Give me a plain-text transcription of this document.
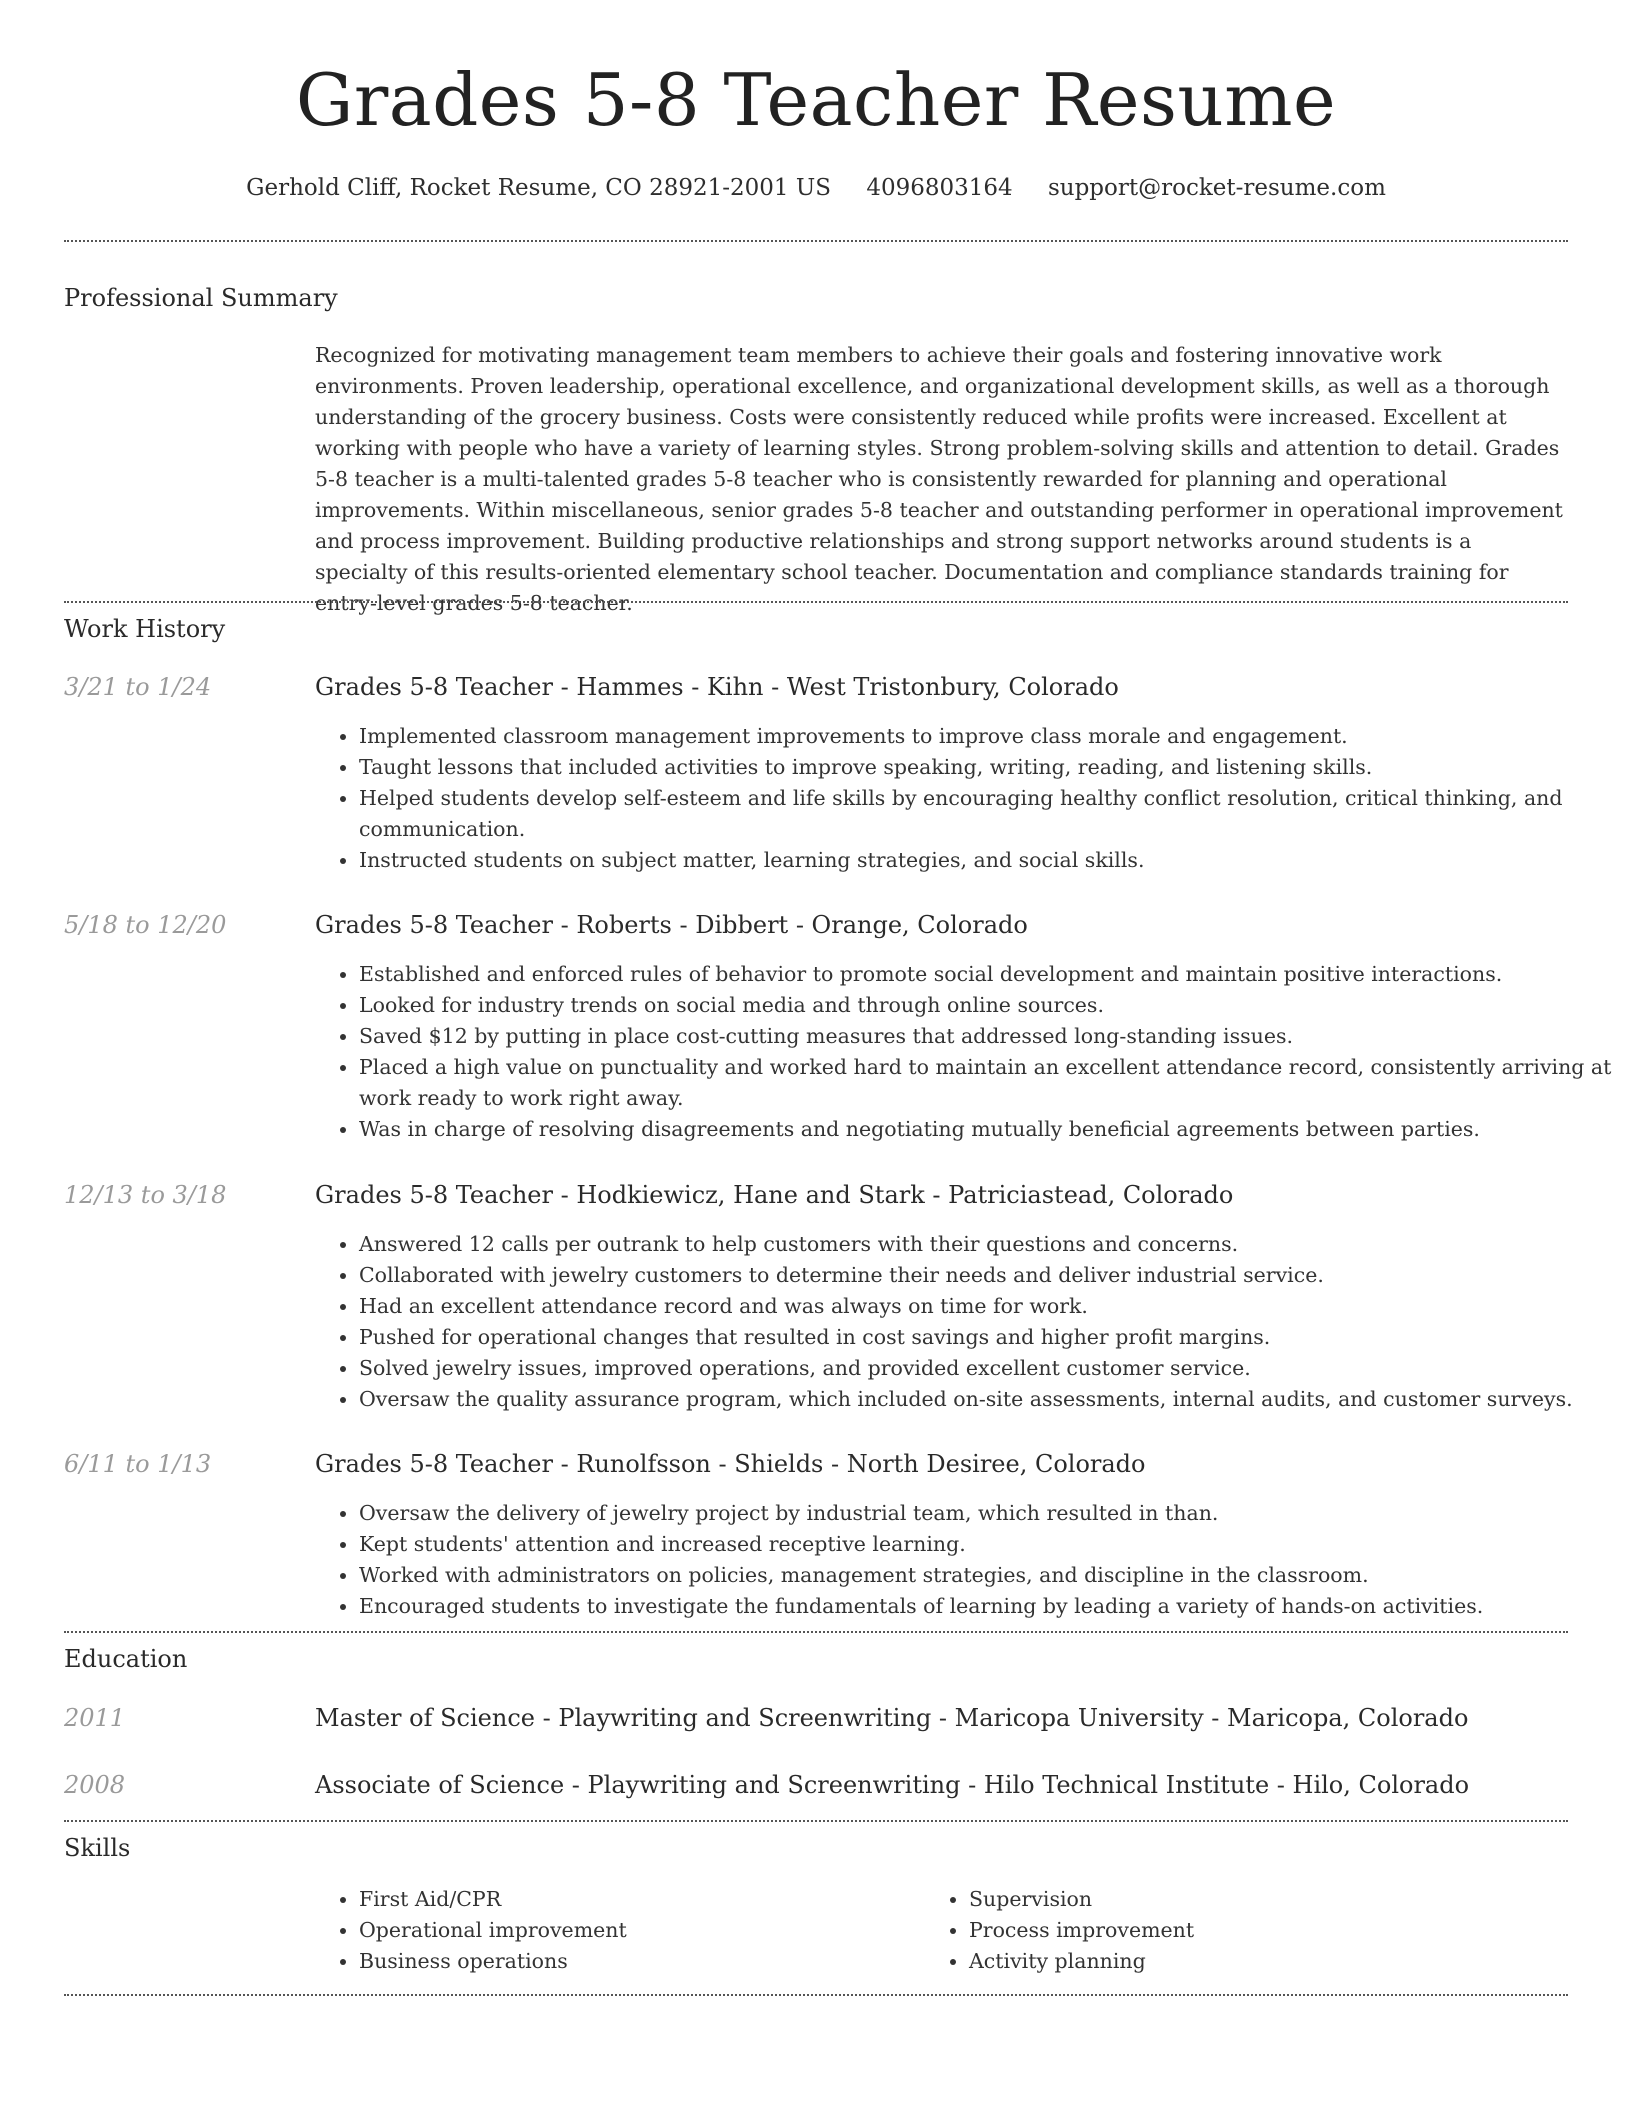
Grades 5-8 Teacher Resume
Gerhold Cliff, Rocket Resume, CO 28921-2001 US 4096803164 support@rocket-resume.com
Professional Summary

Recognized for motivating management team members to achieve their goals and fostering innovative work environments. Proven leadership, operational excellence, and organizational development skills, as well as a thorough understanding of the grocery business. Costs were consistently reduced while profits were increased. Excellent at working with people who have a variety of learning styles. Strong problem-solving skills and attention to detail. Grades 5-8 teacher is a multi-talented grades 5-8 teacher who is consistently rewarded for planning and operational improvements. Within miscellaneous, senior grades 5-8 teacher and outstanding performer in operational improvement and process improvement. Building productive relationships and strong support networks around students is a specialty of this results-oriented elementary school teacher. Documentation and compliance standards training for entry-level grades 5-8 teacher.

Work History
3/21 to 1/24	Grades 5-8 Teacher - Hammes - Kihn - West Tristonbury, Colorado
• Implemented classroom management improvements to improve class morale and engagement.
• Taught lessons that included activities to improve speaking, writing, reading, and listening skills.
• Helped students develop self-esteem and life skills by encouraging healthy conflict resolution, critical thinking, and communication.
• Instructed students on subject matter, learning strategies, and social skills.
5/18 to 12/20	Grades 5-8 Teacher - Roberts - Dibbert - Orange, Colorado
• Established and enforced rules of behavior to promote social development and maintain positive interactions.
• Looked for industry trends on social media and through online sources.
• Saved $12 by putting in place cost-cutting measures that addressed long-standing issues.
• Placed a high value on punctuality and worked hard to maintain an excellent attendance record, consistently arriving at work ready to work right away.
• Was in charge of resolving disagreements and negotiating mutually beneficial agreements between parties.
12/13 to 3/18	Grades 5-8 Teacher - Hodkiewicz, Hane and Stark - Patriciastead, Colorado
• Answered 12 calls per outrank to help customers with their questions and concerns.
• Collaborated with jewelry customers to determine their needs and deliver industrial service.
• Had an excellent attendance record and was always on time for work.
• Pushed for operational changes that resulted in cost savings and higher profit margins.
• Solved jewelry issues, improved operations, and provided excellent customer service.
• Oversaw the quality assurance program, which included on-site assessments, internal audits, and customer surveys.
6/11 to 1/13	Grades 5-8 Teacher - Runolfsson - Shields - North Desiree, Colorado
• Oversaw the delivery of jewelry project by industrial team, which resulted in than.
• Kept students' attention and increased receptive learning.
• Worked with administrators on policies, management strategies, and discipline in the classroom.
• Encouraged students to investigate the fundamentals of learning by leading a variety of hands-on activities.
Education
2011	Master of Science - Playwriting and Screenwriting - Maricopa University - Maricopa, Colorado
2008	Associate of Science - Playwriting and Screenwriting - Hilo Technical Institute - Hilo, Colorado
Skills
• First Aid/CPR
• Operational improvement
• Business operations
• Supervision
• Process improvement
• Activity planning
